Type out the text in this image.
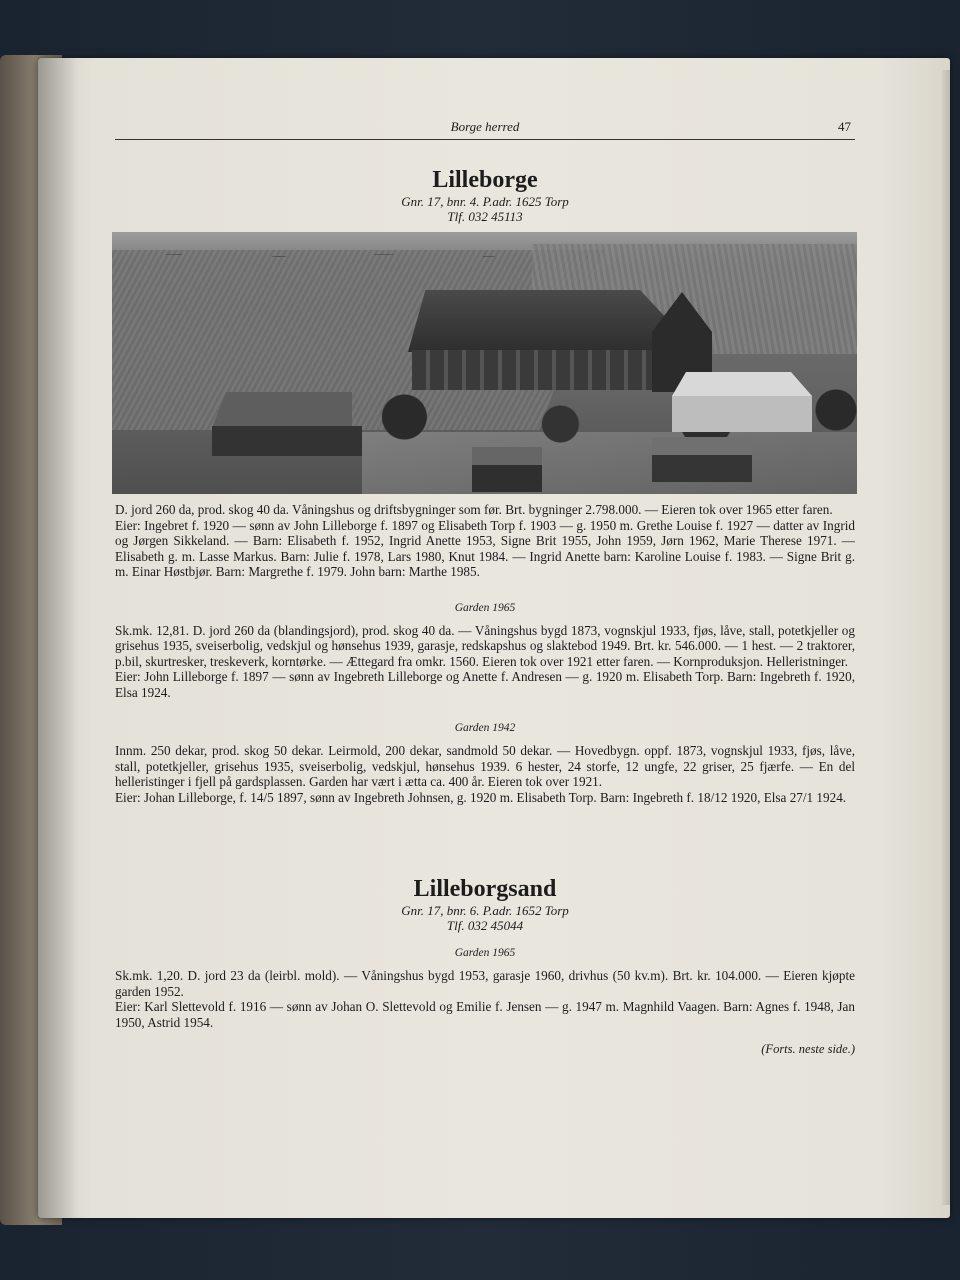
Borge herred	47
Lilleborge
Gnr. 17, bnr. 4. P.adr. 1625 Torp
Tlf. 032 45113

D. jord 260 da, prod. skog 40 da. Våningshus og driftsbygninger som før. Brt. bygninger 2.798.000. — Eieren tok over 1965 etter faren.

Eier: Ingebret f. 1920 — sønn av John Lilleborge f. 1897 og Elisabeth Torp f. 1903 — g. 1950 m. Grethe Louise f. 1927 — datter av Ingrid og Jørgen Sikkeland. — Barn: Elisabeth f. 1952, Ingrid Anette 1953, Signe Brit 1955, John 1959, Jørn 1962, Marie Therese 1971. — Elisabeth g. m. Lasse Markus. Barn: Julie f. 1978, Lars 1980, Knut 1984. — Ingrid Anette barn: Karoline Louise f. 1983. — Signe Brit g. m. Einar Høstbjør. Barn: Margrethe f. 1979. John barn: Marthe 1985.

Garden 1965

Sk.mk. 12,81. D. jord 260 da (blandingsjord), prod. skog 40 da. — Våningshus bygd 1873, vognskjul 1933, fjøs, låve, stall, potetkjeller og grisehus 1935, sveiserbolig, vedskjul og hønsehus 1939, garasje, redskapshus og slaktebod 1949. Brt. kr. 546.000. — 1 hest. — 2 traktorer, p.bil, skurtresker, treskeverk, korntørke. — Ættegard fra omkr. 1560. Eieren tok over 1921 etter faren. — Kornproduksjon. Helleristninger.

Eier: John Lilleborge f. 1897 — sønn av Ingebreth Lilleborge og Anette f. Andresen — g. 1920 m. Elisabeth Torp. Barn: Ingebreth f. 1920, Elsa 1924.

Garden 1942

Innm. 250 dekar, prod. skog 50 dekar. Leirmold, 200 dekar, sandmold 50 dekar. — Hovedbygn. oppf. 1873, vognskjul 1933, fjøs, låve, stall, potetkjeller, grisehus 1935, sveiserbolig, vedskjul, hønsehus 1939. 6 hester, 24 storfe, 12 ungfe, 22 griser, 25 fjærfe. — En del helleristinger i fjell på gardsplassen. Garden har vært i ætta ca. 400 år. Eieren tok over 1921.

Eier: Johan Lilleborge, f. 14/5 1897, sønn av Ingebreth Johnsen, g. 1920 m. Elisabeth Torp. Barn: Ingebreth f. 18/12 1920, Elsa 27/1 1924.

Lilleborgsand
Gnr. 17, bnr. 6. P.adr. 1652 Torp
Tlf. 032 45044
Garden 1965

Sk.mk. 1,20. D. jord 23 da (leirbl. mold). — Våningshus bygd 1953, garasje 1960, drivhus (50 kv.m). Brt. kr. 104.000. — Eieren kjøpte garden 1952.

Eier: Karl Slettevold f. 1916 — sønn av Johan O. Slettevold og Emilie f. Jensen — g. 1947 m. Magnhild Vaagen. Barn: Agnes f. 1948, Jan 1950, Astrid 1954.

(Forts. neste side.)
